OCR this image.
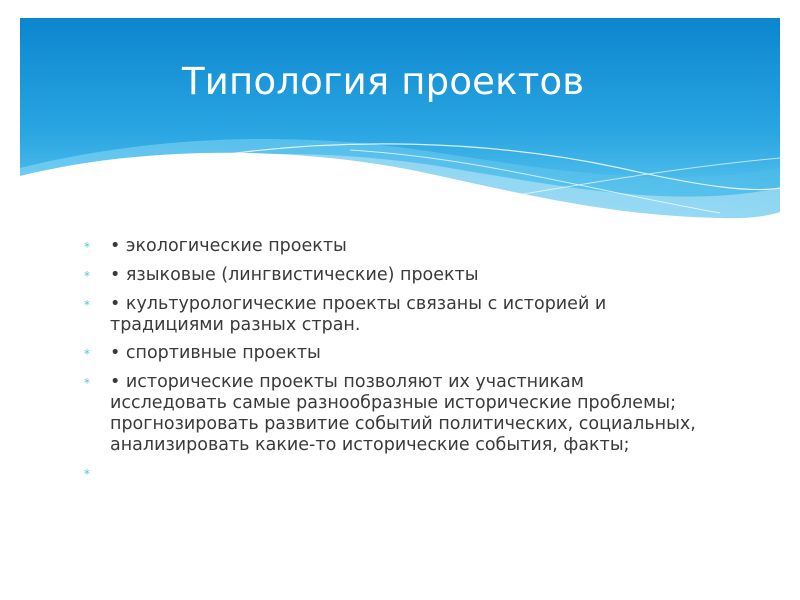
Типология проектов
*	• экологические проекты
*	• языковые (лингвистические) проекты
*	• культурологические проекты связаны с историей и традициями разных стран.
*	• спортивные проекты
*	• исторические проекты позволяют их участникам исследовать самые разнообразные исторические проблемы; прогнозировать развитие событий политических, социальных, анализировать какие-то исторические события, факты;
*
